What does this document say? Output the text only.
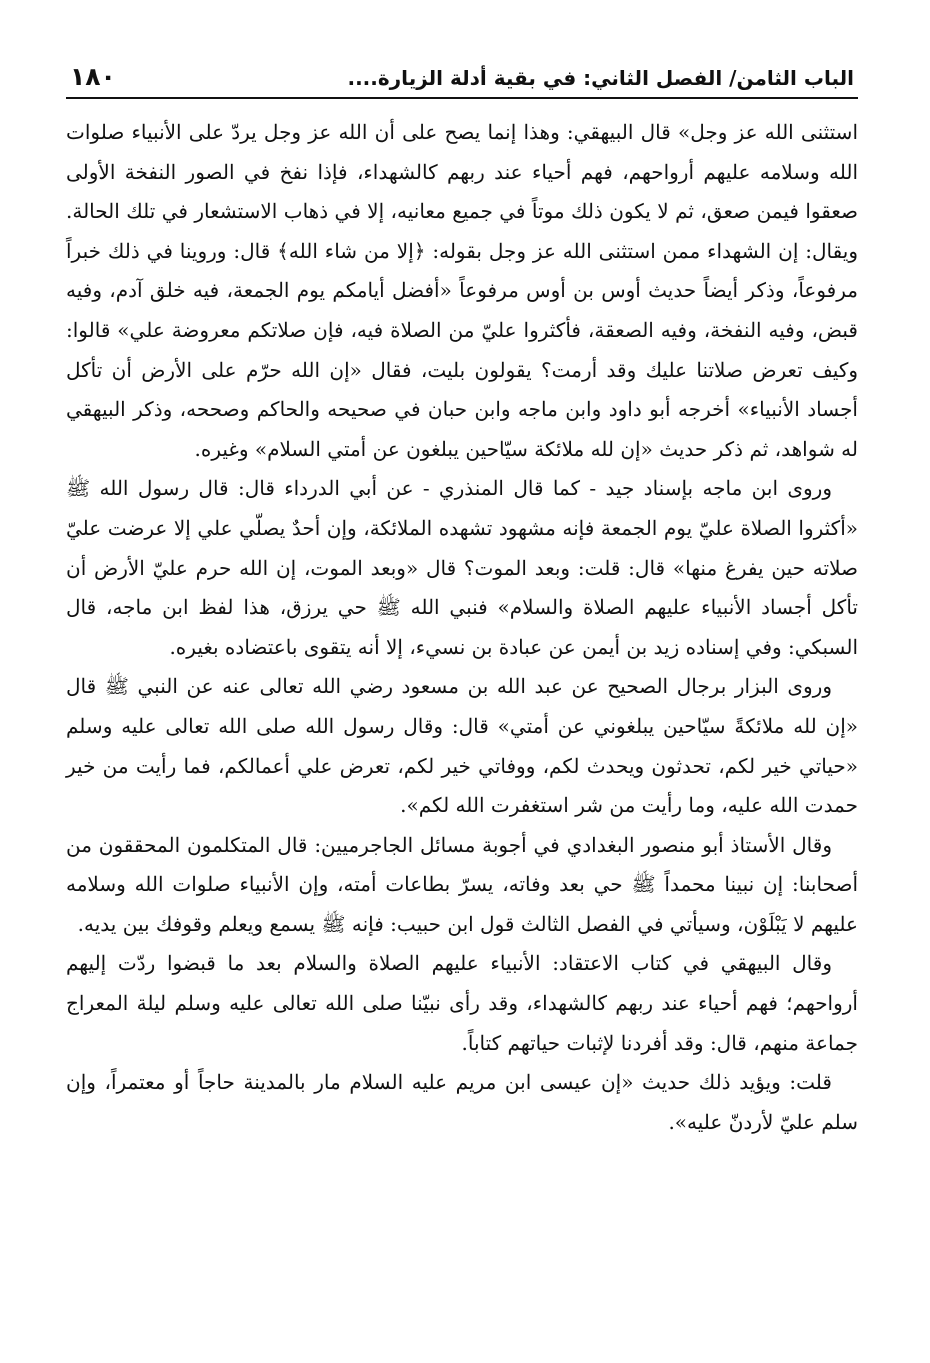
الباب الثامن/ الفصل الثاني: في بقية أدلة الزيارة....
١٨٠

استثنى الله عز وجل» قال البيهقي: وهذا إنما يصح على أن الله عز وجل يردّ على الأنبياء صلوات الله وسلامه عليهم أرواحهم، فهم أحياء عند ربهم كالشهداء، فإذا نفخ في الصور النفخة الأولى صعقوا فيمن صعق، ثم لا يكون ذلك موتاً في جميع معانيه، إلا في ذهاب الاستشعار في تلك الحالة. ويقال: إن الشهداء ممن استثنى الله عز وجل بقوله: ﴿إلا من شاء الله﴾ قال: وروينا في ذلك خبراً مرفوعاً، وذكر أيضاً حديث أوس بن أوس مرفوعاً «أفضل أيامكم يوم الجمعة، فيه خلق آدم، وفيه قبض، وفيه النفخة، وفيه الصعقة، فأكثروا عليّ من الصلاة فيه، فإن صلاتكم معروضة علي» قالوا: وكيف تعرض صلاتنا عليك وقد أرمت؟ يقولون بليت، فقال «إن الله حرّم على الأرض أن تأكل أجساد الأنبياء» أخرجه أبو داود وابن ماجه وابن حبان في صحيحه والحاكم وصححه، وذكر البيهقي له شواهد، ثم ذكر حديث «إن لله ملائكة سيّاحين يبلغون عن أمتي السلام» وغيره.

وروى ابن ماجه بإسناد جيد - كما قال المنذري - عن أبي الدرداء قال: قال رسول الله ﷺ «أكثروا الصلاة عليّ يوم الجمعة فإنه مشهود تشهده الملائكة، وإن أحدٌ يصلّي علي إلا عرضت عليّ صلاته حين يفرغ منها» قال: قلت: وبعد الموت؟ قال «وبعد الموت، إن الله حرم عليّ الأرض أن تأكل أجساد الأنبياء عليهم الصلاة والسلام» فنبي الله ﷺ حي يرزق، هذا لفظ ابن ماجه، قال السبكي: وفي إسناده زيد بن أيمن عن عبادة بن نسيء، إلا أنه يتقوى باعتضاده بغيره.

وروى البزار برجال الصحيح عن عبد الله بن مسعود رضي الله تعالى عنه عن النبي ﷺ قال «إن لله ملائكةً سيّاحين يبلغوني عن أمتي» قال: وقال رسول الله صلى الله تعالى عليه وسلم «حياتي خير لكم، تحدثون ويحدث لكم، ووفاتي خير لكم، تعرض علي أعمالكم، فما رأيت من خير حمدت الله عليه، وما رأيت من شر استغفرت الله لكم».

وقال الأستاذ أبو منصور البغدادي في أجوبة مسائل الجاجرميين: قال المتكلمون المحققون من أصحابنا: إن نبينا محمداً ﷺ حي بعد وفاته، يسرّ بطاعات أمته، وإن الأنبياء صلوات الله وسلامه عليهم لا يَبْلَوْن، وسيأتي في الفصل الثالث قول ابن حبيب: فإنه ﷺ يسمع ويعلم وقوفك بين يديه.

وقال البيهقي في كتاب الاعتقاد: الأنبياء عليهم الصلاة والسلام بعد ما قبضوا ردّت إليهم أرواحهم؛ فهم أحياء عند ربهم كالشهداء، وقد رأى نبيّنا صلى الله تعالى عليه وسلم ليلة المعراج جماعة منهم، قال: وقد أفردنا لإثبات حياتهم كتاباً.

قلت: ويؤيد ذلك حديث «إن عيسى ابن مريم عليه السلام مار بالمدينة حاجاً أو معتمراً، وإن سلم عليّ لأردنّ عليه».
